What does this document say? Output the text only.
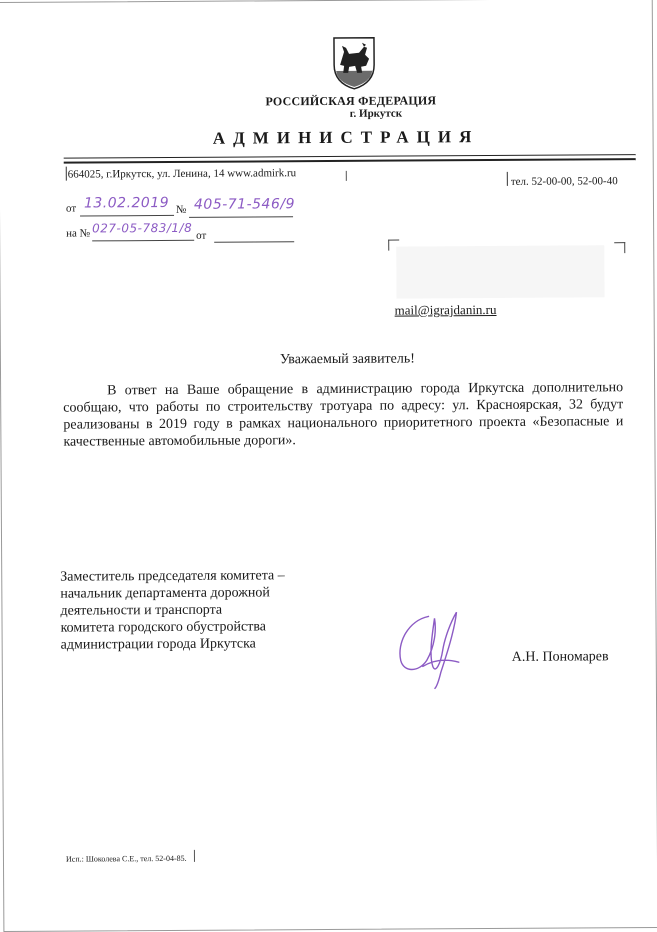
РОССИЙСКАЯ ФЕДЕРАЦИЯ
г. Иркутск
АДМИНИСТРАЦИЯ
664025, г.Иркутск, ул. Ленина, 14 www.admirk.ru
тел. 52-00-00, 52-00-40
от 13.02.2019 № 405-71-546/9
на № 027-05-783/1/8
от
mail@igrajdanin.ru
Уважаемый заявитель!
В ответ на Ваше обращение в администрацию города Иркутска дополнительно сообщаю, что работы по строительству тротуара по адресу: ул. Красноярская, 32 будут реализованы в 2019 году в рамках национального приоритетного проекта «Безопасные и качественные автомобильные дороги».
Заместитель председателя комитета –
начальник департамента дорожной
деятельности и транспорта
комитета городского обустройства
администрации города Иркутска
А.Н. Пономарев
Исп.: Шоколева С.Е., тел. 52-04-85.
